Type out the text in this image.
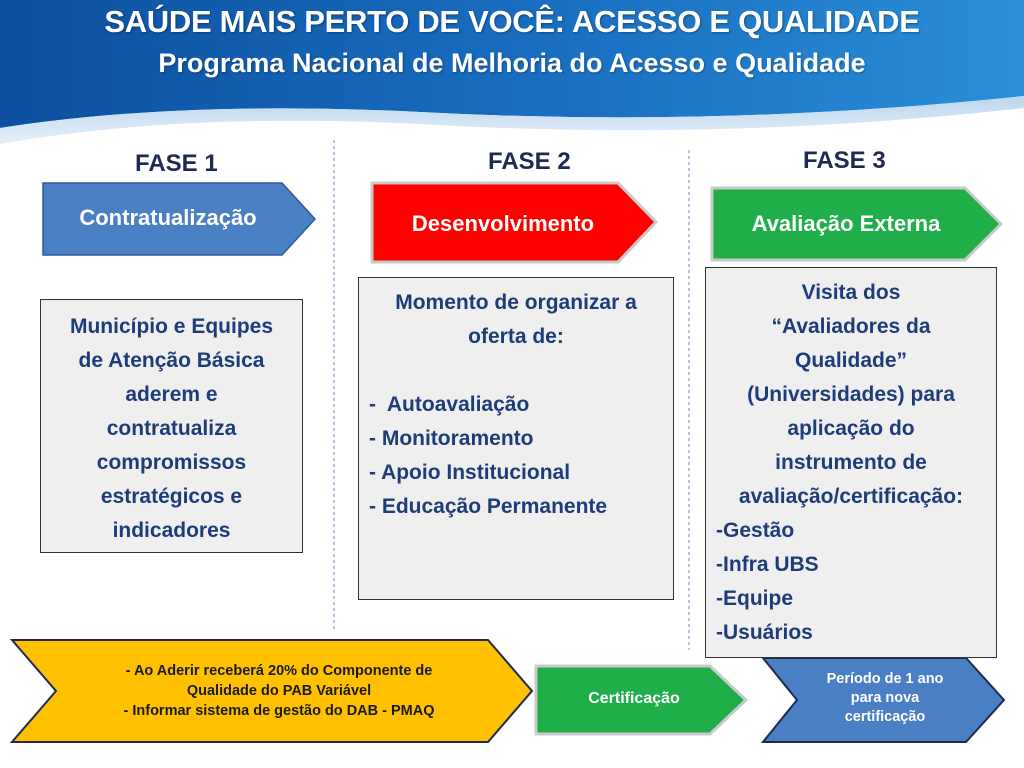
SAÚDE MAIS PERTO DE VOCÊ: ACESSO E QUALIDADE
Programa Nacional de Melhoria do Acesso e Qualidade
FASE 1	FASE 2	FASE 3
Contratualização	Desenvolvimento	Avaliação Externa
Município e Equipes
de Atenção Básica
aderem e
contratualiza
compromissos
estratégicos e
indicadores
Momento de organizar a
oferta de:
-  Autoavaliação
- Monitoramento
- Apoio Institucional
- Educação Permanente
Visita dos
“Avaliadores da
Qualidade”
(Universidades) para
aplicação do
instrumento de
avaliação/certificação:
-Gestão
-Infra UBS
-Equipe
-Usuários
- Ao Aderir receberá 20% do Componente de
Qualidade do PAB Variável
- Informar sistema de gestão do DAB - PMAQ
Certificação
Período de 1 ano
para nova
certificação
